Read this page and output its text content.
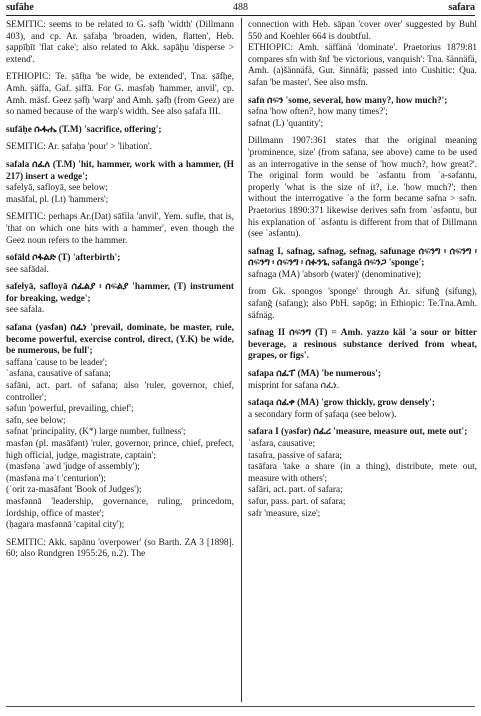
sufāhe	488	safara

SEMITIC: seems to be related to G. ṣəfḥ 'width' (Dillmann 403), and cp. Ar. ṣafaḥa 'broaden, widen, flatten', Heb. ṣappīḥīt 'flat cake'; also related to Akk. sapāḫu 'disperse > extend'.

ETHIOPIC: Te. ṣāfḥa 'be wide, be extended', Tna. ṣāfḥe, Amh. ṣäffa, Gaf. ṣiffā. For G. masfəḥ 'hammer, anvil', cp. Amh. mäsf. Geez ṣəfḥ 'warp' and Amh. ṣəfḥ (from Geez) are so named because of the warp's width. See also ṣafafa III.

sufāḥe ሱፋሔ (T.M) 'sacrifice, offering';

SEMITIC: Ar. ṣafaḥa 'pour' > 'libation'.

safala ሰፈለ (T.M) 'hit, hammer, work with a hammer, (H 217) insert a wedge';

safelyā, safloyā, see below;

masāfal, pl. (Lt) 'hammers';

SEMITIC: perhaps Ar.(Dat) sāfila 'anvil', Yem. sufle, that is, 'that on which one hits with a hammer', even though the Geez noun refers to the hammer.

sofāld ሶፋልድ (T) 'afterbirth';

see safādəl.

safelyā, safloyā ሰፈልያ ፡ ሰፍልያ 'hammer, (T) instrument for breaking, wedge';

see safala.

safana (yəsfən) ሰፈነ 'prevail, dominate, be master, rule, become powerful, exercise control, direct, (Y.K) be wide, be numerous, be full';

saffana 'cause to be leader';

ʾasfana, causative of safana;

safāni, act. part. of safana; also 'ruler, governor, chief, controller';

səfun 'powerful, prevailing, chief';

səfn, see below;

səfnat 'principality, (K*) large number, fullness';

masfən (pl. masāfənt) 'ruler, governor, prince, chief, prefect, high official, judge, magistrate, captain';

(masfəna ʿawd 'judge of assembly');

(masfəna məʾt 'centurion');

(ʾorit za-masāfənt 'Book of Judges');

məsfənnā 'leadership, governance, ruling, princedom, lordship, office of master';

(ḥagara masfənnā 'capital city');

SEMITIC: Akk. sapānu 'overpower' (so Barth. ZA 3 [1898]. 60; also Rundgren 1955:26, n.2). The

connection with Heb. sāpan 'cover over' suggested by Buhl 550 and Koehler 664 is doubtful.

ETHIOPIC: Amh. säffänä 'dominate'. Praetorius 1879:81 compares sfn with šnf 'be victorious, vanquish': Tna. šännäfä, Amh. (a)šännäfä, Gur. šinnäfä; passed into Cushitic: Qua. safan 'be master'. See also msfn.

safn ሰፍን 'some, several, how many?, how much?';

səfna 'how often?, how many times?';

səfnat (L) 'quantity';

Dillmann 1907:361 states that the original meaning 'prominence, size' (from safana, see above) came to be used as an interrogative in the sense of 'how much?, how great?'. The original form would be ʾəsfantu from ʾə-səfantu, properly 'what is the size of it?, i.e. 'how much?'; then without the interrogative ʾə the form became səfna > səfn. Praetorius 1890:371 likewise derives səfn from ʾəsfəntu, but his explanation of ʾəsfəntu is different from that of Dillmann (see ʾəsfəntu).

safnag I, safnag, safnəg, sefnəg, safunage ሰፍንግ ፡ ሰፍንግ ፡ ሰፍንግ ፡ ሰፍንግ ፡ ሰፉንጌ, səfangā ሰፍንጋ 'sponge';

safnaga (MA) 'absorb (water)' (denominative);

from Gk. spongos 'sponge' through Ar. sifunğ (sifung), safanğ (safang); also PbH. sәpōg; in Ethiopic: Te.Tna.Amh. säfnäg.

safnag II ሰፍንግ (T) = Amh. yazzo käl 'a sour or bitter beverage, a resinous substance derived from wheat, grapes, or figs'.

safapa ሰፈፐ (MA) 'be numerous';

misprint for safana ሰፈነ.

safaqa ሰፈቀ (MA) 'grow thickly, grow densely';

a secondary form of ṣafaqa (see below).

safara I (yəsfər) ሰፈረ 'measure, measure out, mete out';

ʾasfara, causative;

tasafra, passive of safara;

tasāfara 'take a share (in a thing), distribute, mete out, measure with others';

safāri, act. part. of safara;

səfur, pass. part. of safara;

səfr 'measure, size';
